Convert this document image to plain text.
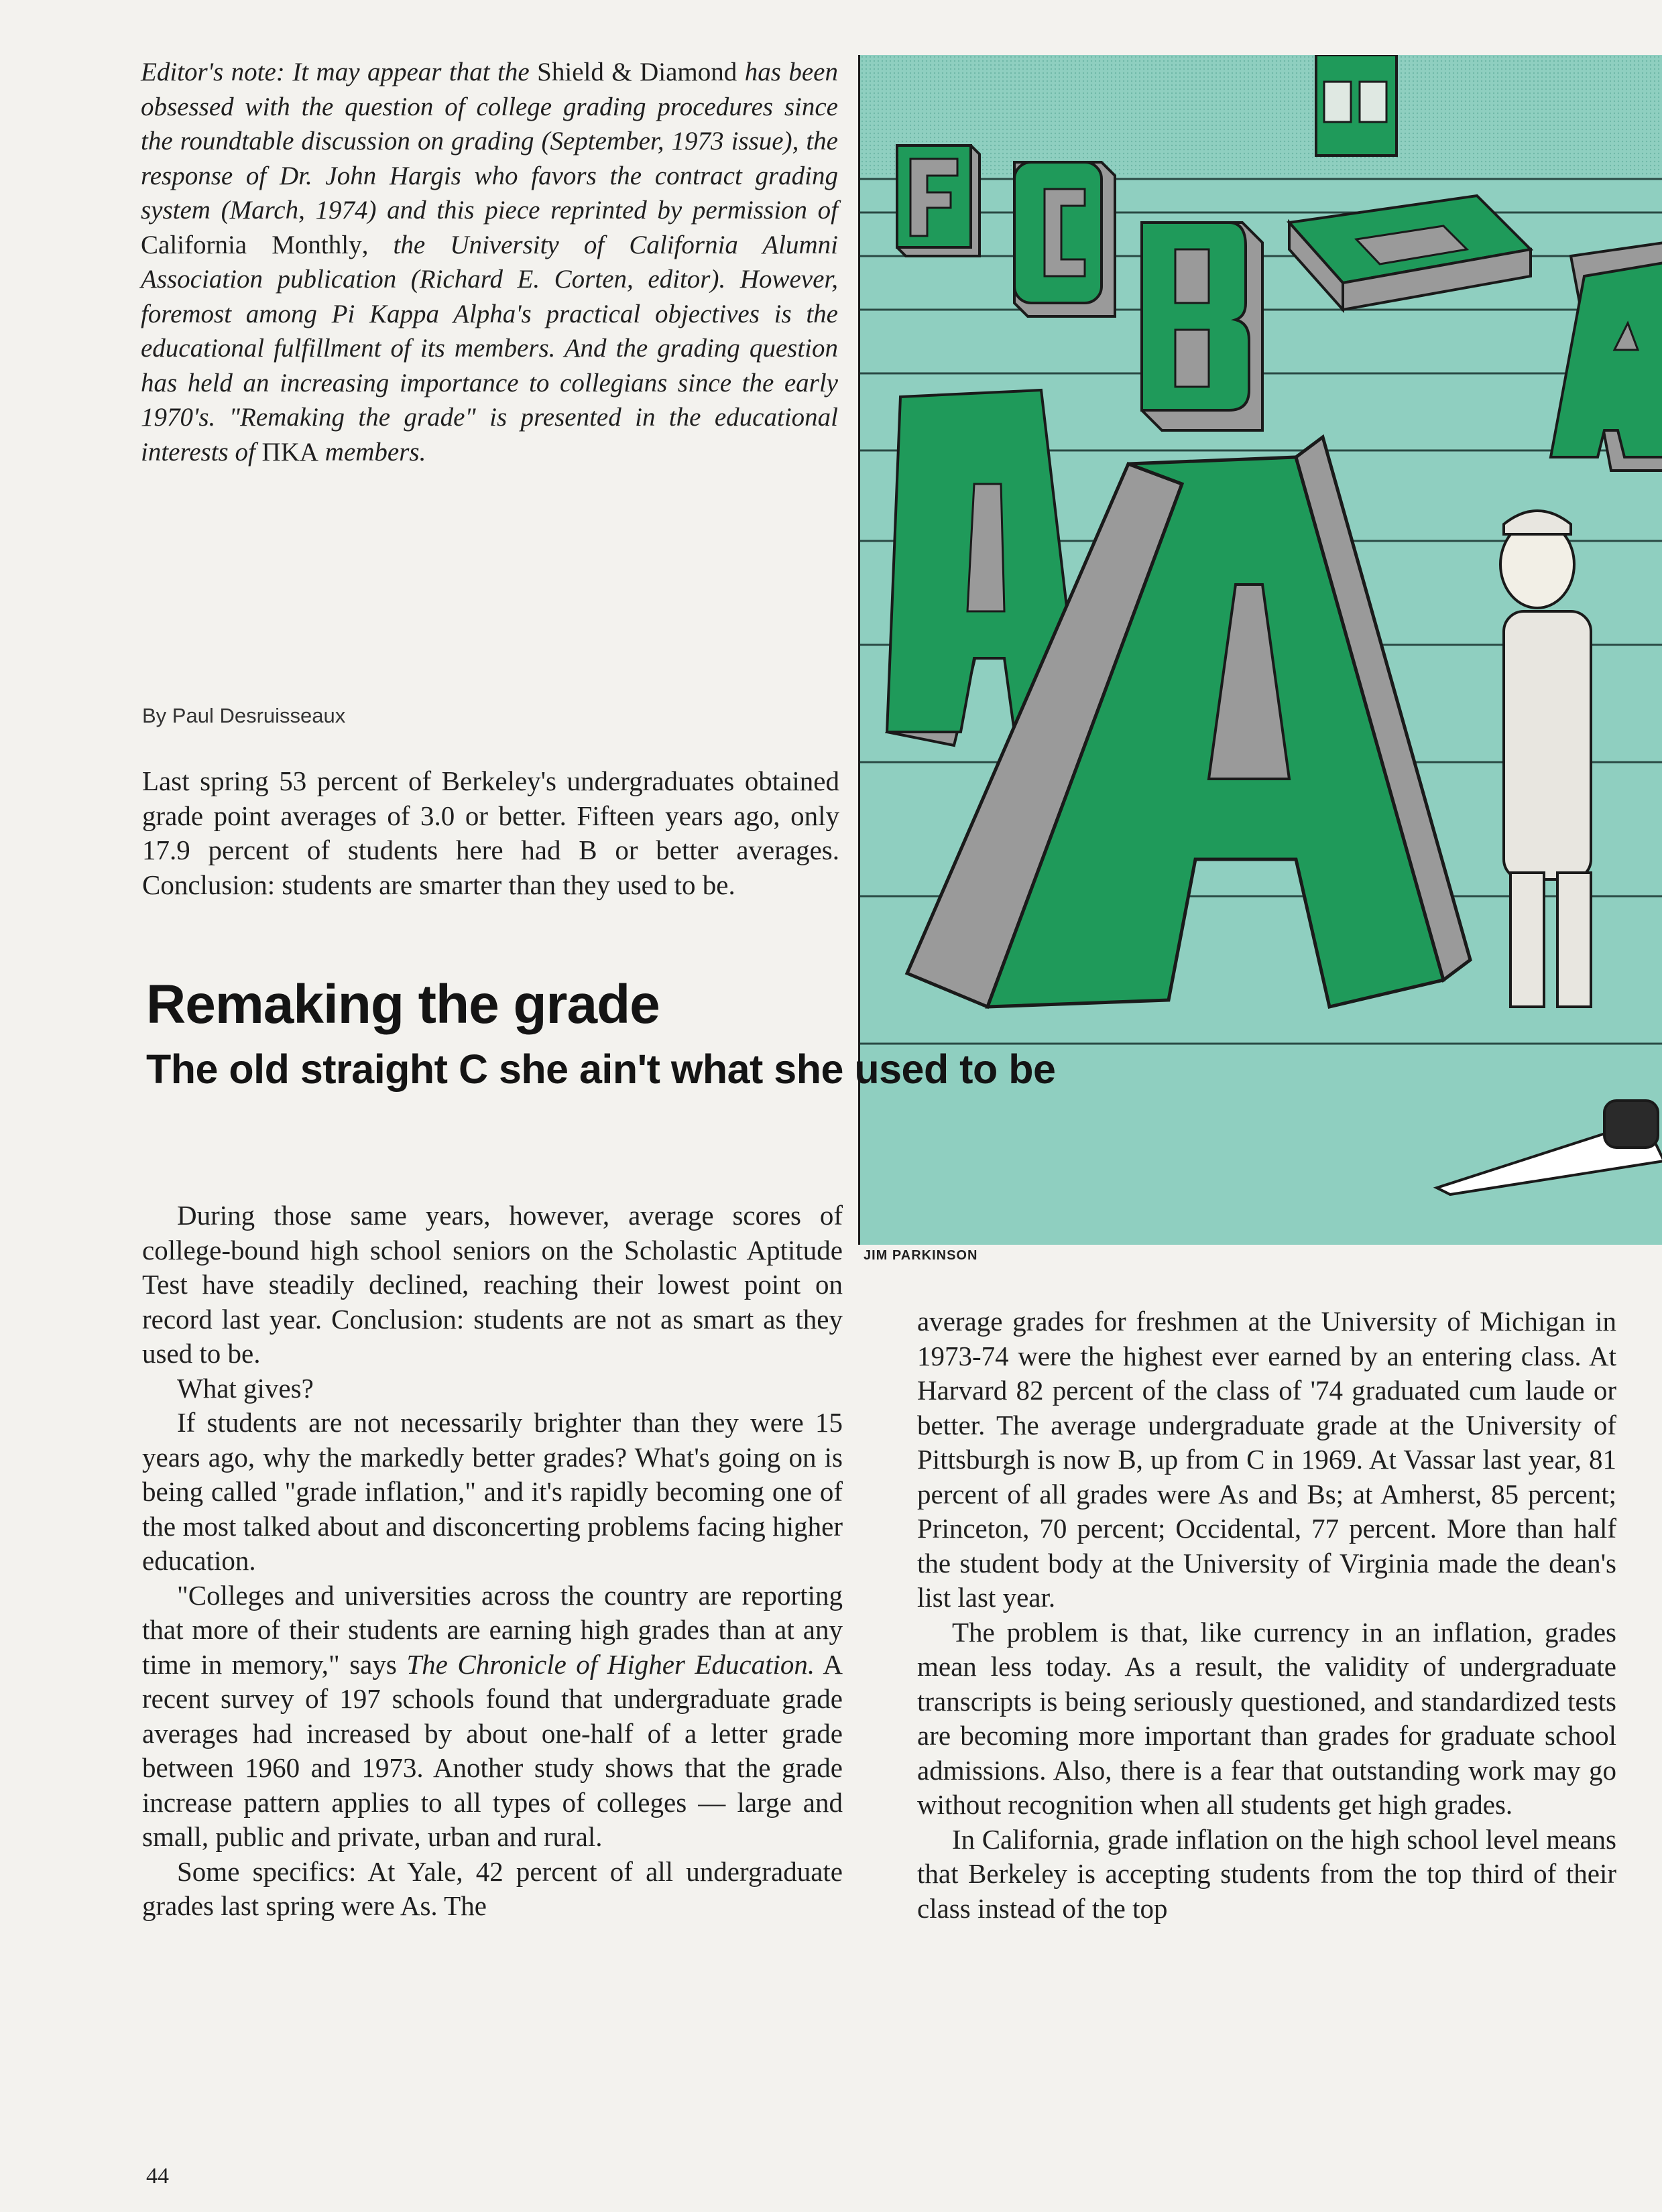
Editor's note: It may appear that the Shield & Diamond has been obsessed with the question of college grading procedures since the roundtable discussion on grading (September, 1973 issue), the response of Dr. John Hargis who favors the contract grading system (March, 1974) and this piece reprinted by permission of California Monthly, the University of California Alumni Association publication (Richard E. Corten, editor). However, foremost among Pi Kappa Alpha's practical objectives is the educational fulfillment of its members. And the grading question has held an increasing importance to collegians since the early 1970's. "Remaking the grade" is presented in the educational interests of ΠΚΑ members.
By Paul Desruisseaux
Last spring 53 percent of Berkeley's undergraduates obtained grade point averages of 3.0 or better. Fifteen years ago, only 17.9 percent of students here had B or better averages. Conclusion: students are smarter than they used to be.
JIM PARKINSON
Remaking the grade
The old straight C she ain't what she used to be

During those same years, however, average scores of college-bound high school seniors on the Scholastic Aptitude Test have steadily declined, reaching their lowest point on record last year. Conclusion: students are not as smart as they used to be.

What gives?

If students are not necessarily brighter than they were 15 years ago, why the markedly better grades? What's going on is being called "grade inflation," and it's rapidly becoming one of the most talked about and disconcerting problems facing higher education.

"Colleges and universities across the country are reporting that more of their students are earning high grades than at any time in memory," says The Chronicle of Higher Education. A recent survey of 197 schools found that undergraduate grade averages had increased by about one-half of a letter grade between 1960 and 1973. Another study shows that the grade increase pattern applies to all types of colleges — large and small, public and private, urban and rural.

Some specifics: At Yale, 42 percent of all undergraduate grades last spring were As. The

average grades for freshmen at the University of Michigan in 1973-74 were the highest ever earned by an entering class. At Harvard 82 percent of the class of '74 graduated cum laude or better. The average undergraduate grade at the University of Pittsburgh is now B, up from C in 1969. At Vassar last year, 81 percent of all grades were As and Bs; at Amherst, 85 percent; Princeton, 70 percent; Occidental, 77 percent. More than half the student body at the University of Virginia made the dean's list last year.

The problem is that, like currency in an inflation, grades mean less today. As a result, the validity of undergraduate transcripts is being seriously questioned, and standardized tests are becoming more important than grades for graduate school admissions. Also, there is a fear that outstanding work may go without recognition when all students get high grades.

In California, grade inflation on the high school level means that Berkeley is accepting students from the top third of their class instead of the top

44
